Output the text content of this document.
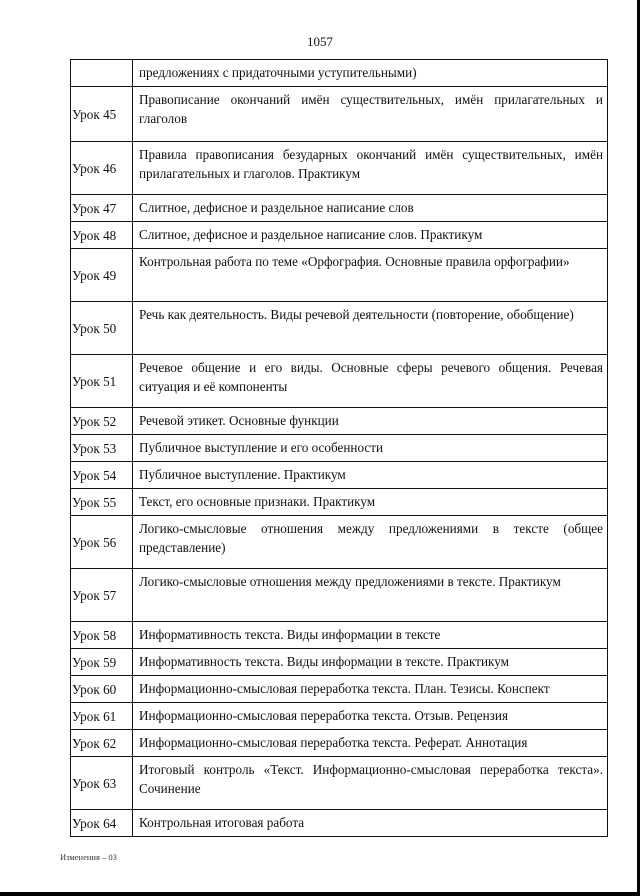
1057
	предложениях с придаточными уступительными)
Урок 45	Правописание окончаний имён существительных, имён прилагательных и глаголов
Урок 46	Правила правописания безударных окончаний имён существительных, имён прилагательных и глаголов. Практикум
Урок 47	Слитное, дефисное и раздельное написание слов
Урок 48	Слитное, дефисное и раздельное написание слов. Практикум
Урок 49	Контрольная работа по теме «Орфография. Основные правила орфографии»
Урок 50	Речь как деятельность. Виды речевой деятельности (повторение, обобщение)
Урок 51	Речевое общение и его виды. Основные сферы речевого общения. Речевая ситуация и её компоненты
Урок 52	Речевой этикет. Основные функции
Урок 53	Публичное выступление и его особенности
Урок 54	Публичное выступление. Практикум
Урок 55	Текст, его основные признаки. Практикум
Урок 56	Логико-смысловые отношения между предложениями в тексте (общее представление)
Урок 57	Логико-смысловые отношения между предложениями в тексте. Практикум
Урок 58	Информативность текста. Виды информации в тексте
Урок 59	Информативность текста. Виды информации в тексте. Практикум
Урок 60	Информационно-смысловая переработка текста. План. Тезисы. Конспект
Урок 61	Информационно-смысловая переработка текста. Отзыв. Рецензия
Урок 62	Информационно-смысловая переработка текста. Реферат. Аннотация
Урок 63	Итоговый контроль «Текст. Информационно-смысловая переработка текста». Сочинение
Урок 64	Контрольная итоговая работа
Изменения – 03
